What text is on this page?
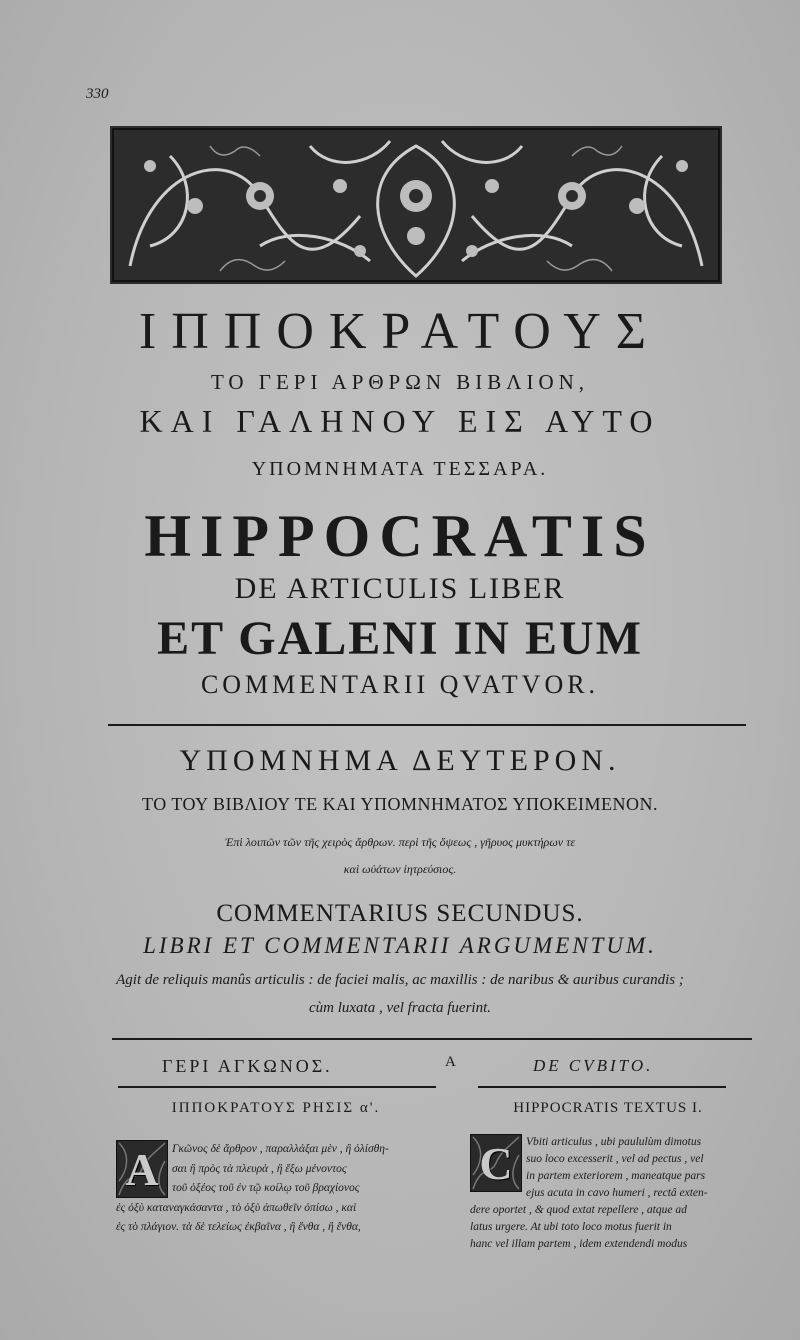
330
ΙΠΠΟΚΡΑΤΟΥΣ
ΤΟ ΓΕΡΙ ΑΡΘΡΩΝ ΒΙΒΛΙΟΝ,
ΚΑΙ ΓΑΛΗΝΟΥ ΕΙΣ ΑΥΤΟ
ΥΠΟΜΝΗΜΑΤΑ ΤΕΣΣΑΡΑ.
HIPPOCRATIS
DE ARTICULIS LIBER
ET GALENI IN EUM
COMMENTARII QVATVOR.
ΥΠΟΜΝΗΜΑ ΔΕΥΤΕΡΟΝ.
ΤΟ ΤΟΥ ΒΙΒΛΙΟΥ ΤΕ ΚΑΙ ΥΠΟΜΝΗΜΑΤΟΣ ΥΠΟΚΕΙΜΕΝΟΝ.
Ἐπὶ λοιπῶν τῶν τῆς χειρὸς ἄρθρων. περὶ τῆς ὄψεως , γῆρυος μυκτήρων τε
καὶ ωὐάτων ἰητρεύσιος.
COMMENTARIUS SECUNDUS.
LIBRI ET COMMENTARII ARGUMENTUM.
Agit de reliquis manûs articulis : de faciei malis, ac maxillis : de naribus & auribus curandis ;
cùm luxata , vel fracta fuerint.
ΓΕΡΙ ΑΓΚΩΝΟΣ.	A	DE CVBITO.
ΙΠΠΟΚΡΑΤΟΥΣ ΡΗΣΙΣ α'.	HIPPOCRATIS TEXTUS I.
A	Γκῶνος δὲ ἄρθρον , παραλλάξαι μὲν , ἢ ὀλίσθη-
σαι ἢ πρὸς τὰ πλευρὰ , ἢ ἔξω μένοντος
τοῦ ὀξέος τοῦ ἐν τῷ κοίλῳ τοῦ βραχίονος
ἐς ὀξὺ καταναγκάσαντα , τὸ ὀξὺ ἀπωθεῖν ὀπίσω , καὶ
ἐς τὸ πλάγιον. τὰ δὲ τελείως ἐκβαῖνα , ἢ ἔνθα , ἢ ἔνθα,
C	Vbiti articulus , ubi paululùm dimotus
suo loco excesserit , vel ad pectus , vel
in partem exteriorem , maneatque pars
ejus acuta in cavo humeri , rectâ exten-
dere oportet , & quod extat repellere , atque ad
latus urgere. At ubi toto loco motus fuerit in
hanc vel illam partem , idem extendendi modus
